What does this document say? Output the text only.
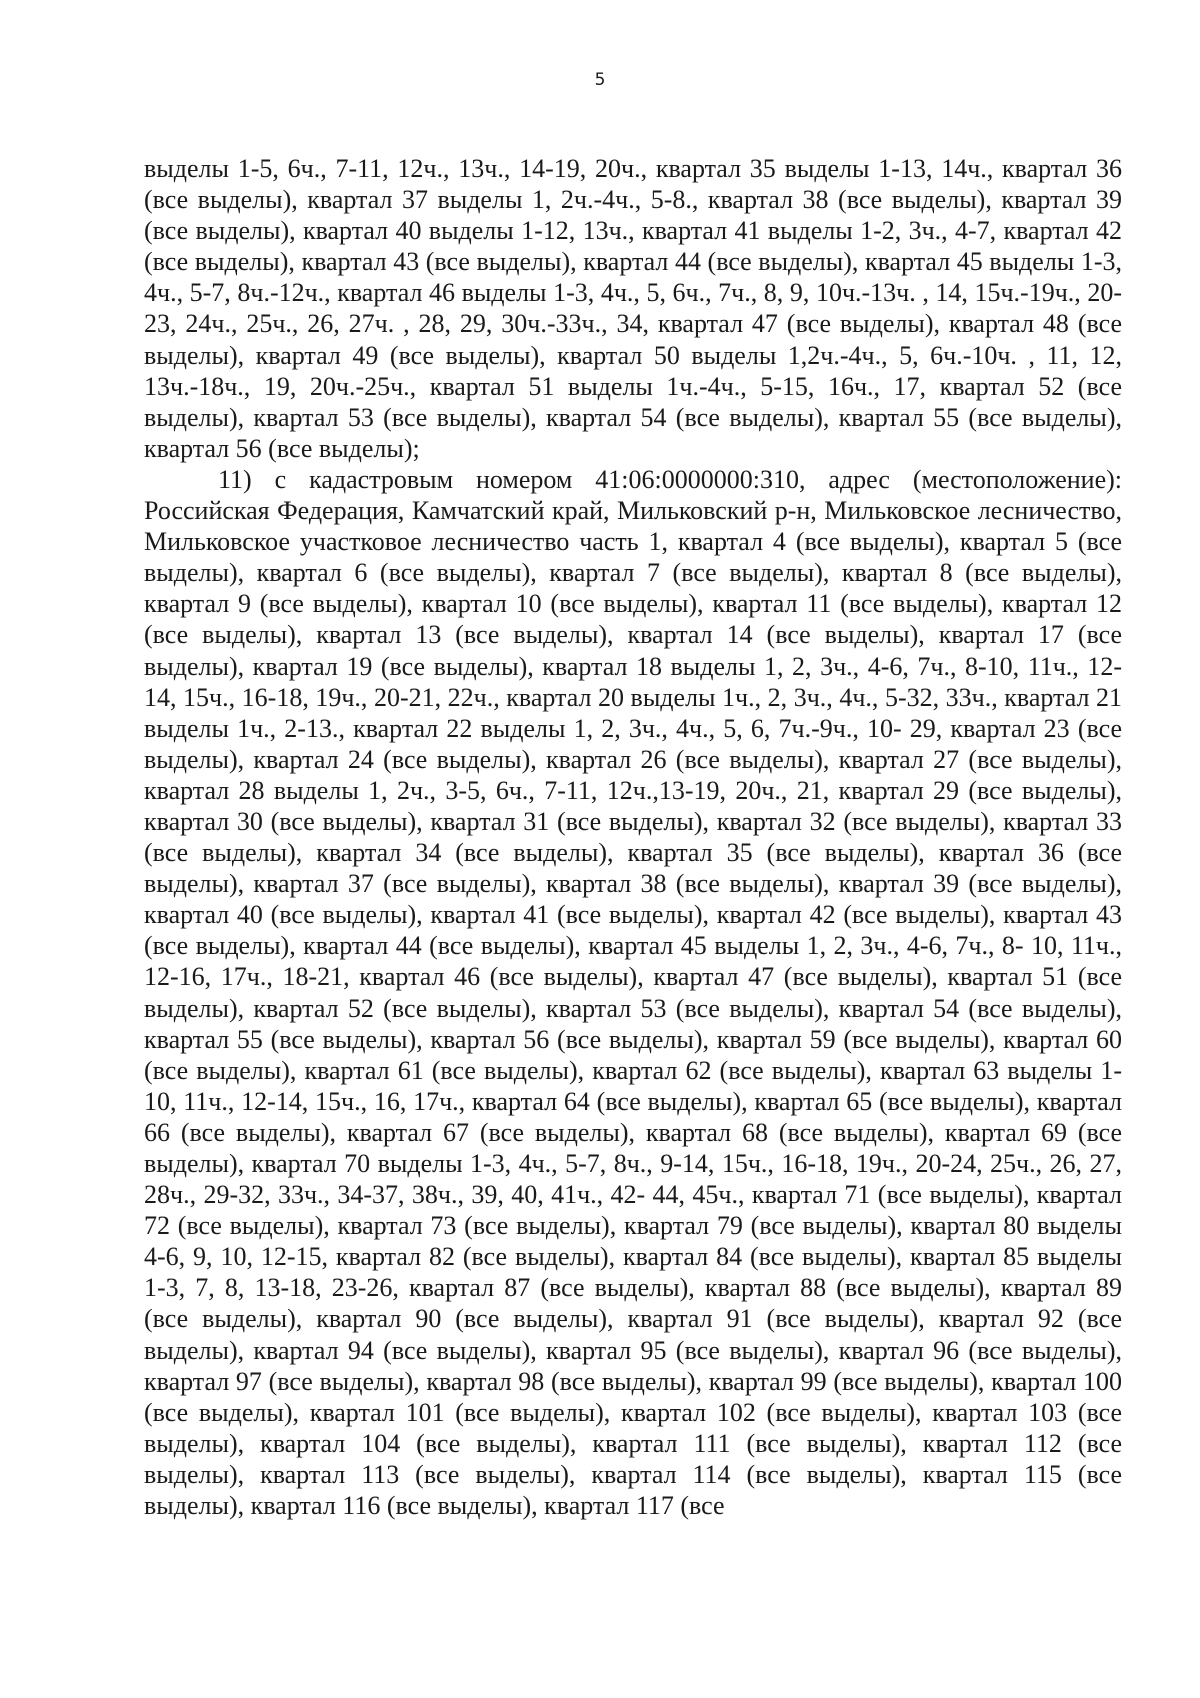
5

выделы 1-5, 6ч., 7-11, 12ч., 13ч., 14-19, 20ч., квартал 35 выделы 1-13, 14ч., квартал 36 (все выделы), квартал 37 выделы 1, 2ч.-4ч., 5-8., квартал 38 (все выделы), квартал 39 (все выделы), квартал 40 выделы 1-12, 13ч., квартал 41 выделы 1-2, 3ч., 4-7, квартал 42 (все выделы), квартал 43 (все выделы), квартал 44 (все выделы), квартал 45 выделы 1-3, 4ч., 5-7, 8ч.-12ч., квартал 46 выделы 1-3, 4ч., 5, 6ч., 7ч., 8, 9, 10ч.-13ч. , 14, 15ч.-19ч., 20-23, 24ч., 25ч., 26, 27ч. , 28, 29, 30ч.-33ч., 34, квартал 47 (все выделы), квартал 48 (все выделы), квартал 49 (все выделы), квартал 50 выделы 1,2ч.-4ч., 5, 6ч.-10ч. , 11, 12, 13ч.-18ч., 19, 20ч.-25ч., квартал 51 выделы 1ч.-4ч., 5-15, 16ч., 17, квартал 52 (все выделы), квартал 53 (все выделы), квартал 54 (все выделы), квартал 55 (все выделы), квартал 56 (все выделы);

11) с кадастровым номером 41:06:0000000:310, адрес (местоположение): Российская Федерация, Камчатский край, Мильковский р-н, Мильковское лесничество, Мильковское участковое лесничество часть 1, квартал 4 (все выделы), квартал 5 (все выделы), квартал 6 (все выделы), квартал 7 (все выделы), квартал 8 (все выделы), квартал 9 (все выделы), квартал 10 (все выделы), квартал 11 (все выделы), квартал 12 (все выделы), квартал 13 (все выделы), квартал 14 (все выделы), квартал 17 (все выделы), квартал 19 (все выделы), квартал 18 выделы 1, 2, 3ч., 4-6, 7ч., 8-10, 11ч., 12-14, 15ч., 16-18, 19ч., 20-21, 22ч., квартал 20 выделы 1ч., 2, 3ч., 4ч., 5-32, 33ч., квартал 21 выделы 1ч., 2-13., квартал 22 выделы 1, 2, 3ч., 4ч., 5, 6, 7ч.-9ч., 10- 29, квартал 23 (все выделы), квартал 24 (все выделы), квартал 26 (все выделы), квартал 27 (все выделы), квартал 28 выделы 1, 2ч., 3-5, 6ч., 7-11, 12ч.,13-19, 20ч., 21, квартал 29 (все выделы), квартал 30 (все выделы), квартал 31 (все выделы), квартал 32 (все выделы), квартал 33 (все выделы), квартал 34 (все выделы), квартал 35 (все выделы), квартал 36 (все выделы), квартал 37 (все выделы), квартал 38 (все выделы), квартал 39 (все выделы), квартал 40 (все выделы), квартал 41 (все выделы), квартал 42 (все выделы), квартал 43 (все выделы), квартал 44 (все выделы), квартал 45 выделы 1, 2, 3ч., 4-6, 7ч., 8- 10, 11ч., 12-16, 17ч., 18-21, квартал 46 (все выделы), квартал 47 (все выделы), квартал 51 (все выделы), квартал 52 (все выделы), квартал 53 (все выделы), квартал 54 (все выделы), квартал 55 (все выделы), квартал 56 (все выделы), квартал 59 (все выделы), квартал 60 (все выделы), квартал 61 (все выделы), квартал 62 (все выделы), квартал 63 выделы 1-10, 11ч., 12-14, 15ч., 16, 17ч., квартал 64 (все выделы), квартал 65 (все выделы), квартал 66 (все выделы), квартал 67 (все выделы), квартал 68 (все выделы), квартал 69 (все выделы), квартал 70 выделы 1-3, 4ч., 5-7, 8ч., 9-14, 15ч., 16-18, 19ч., 20-24, 25ч., 26, 27, 28ч., 29-32, 33ч., 34-37, 38ч., 39, 40, 41ч., 42- 44, 45ч., квартал 71 (все выделы), квартал 72 (все выделы), квартал 73 (все выделы), квартал 79 (все выделы), квартал 80 выделы 4-6, 9, 10, 12-15, квартал 82 (все выделы), квартал 84 (все выделы), квартал 85 выделы 1-3, 7, 8, 13-18, 23-26, квартал 87 (все выделы), квартал 88 (все выделы), квартал 89 (все выделы), квартал 90 (все выделы), квартал 91 (все выделы), квартал 92 (все выделы), квартал 94 (все выделы), квартал 95 (все выделы), квартал 96 (все выделы), квартал 97 (все выделы), квартал 98 (все выделы), квартал 99 (все выделы), квартал 100 (все выделы), квартал 101 (все выделы), квартал 102 (все выделы), квартал 103 (все выделы), квартал 104 (все выделы), квартал 111 (все выделы), квартал 112 (все выделы), квартал 113 (все выделы), квартал 114 (все выделы), квартал 115 (все выделы), квартал 116 (все выделы), квартал 117 (все
